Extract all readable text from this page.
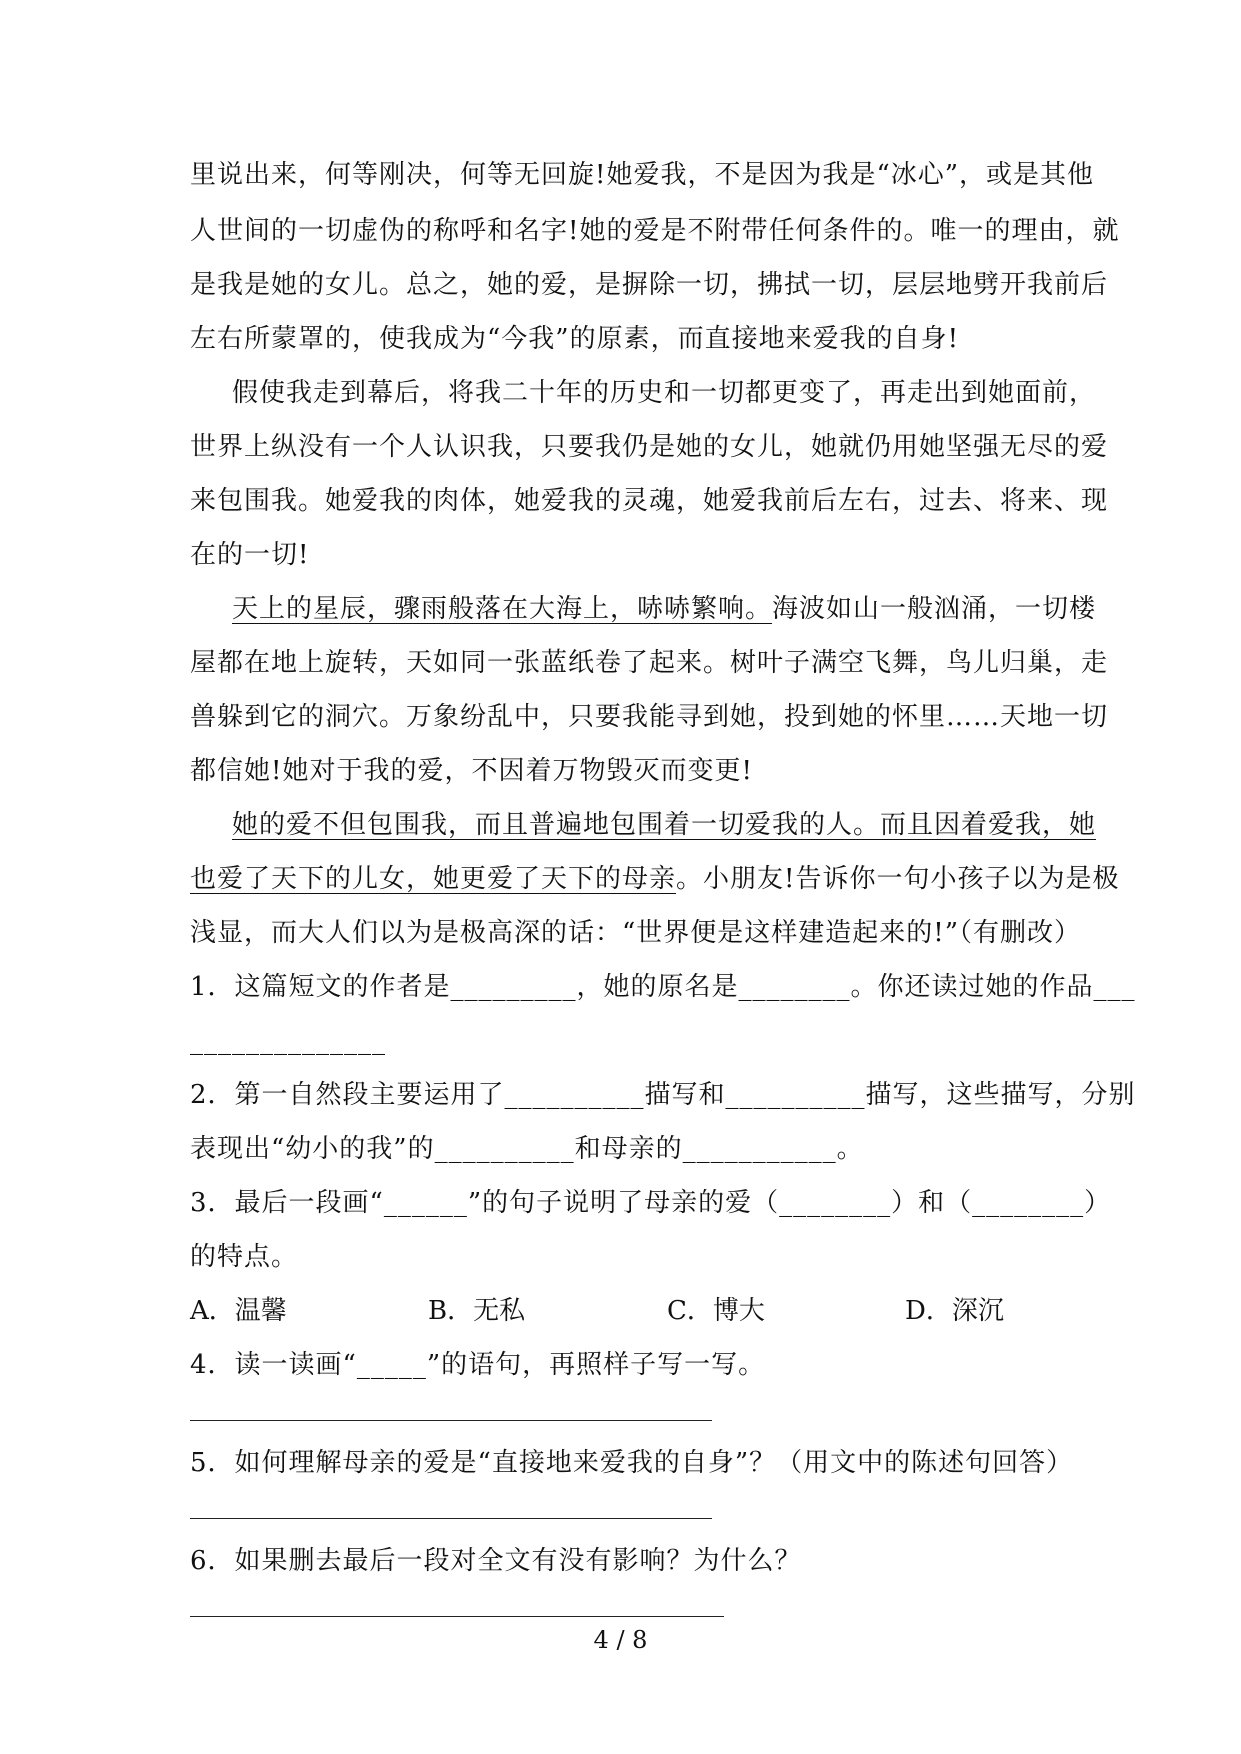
里说出来，何等刚决，何等无回旋!她爱我，不是因为我是“冰心”，或是其他
人世间的一切虚伪的称呼和名字!她的爱是不附带任何条件的。唯一的理由，就
是我是她的女儿。总之，她的爱，是摒除一切，拂拭一切，层层地劈开我前后
左右所蒙罩的，使我成为“今我”的原素，而直接地来爱我的自身!
假使我走到幕后，将我二十年的历史和一切都更变了，再走出到她面前，
世界上纵没有一个人认识我，只要我仍是她的女儿，她就仍用她坚强无尽的爱
来包围我。她爱我的肉体，她爱我的灵魂，她爱我前后左右，过去、将来、现
在的一切!
天上的星辰，骤雨般落在大海上，哧哧繁响。海波如山一般汹涌，一切楼
屋都在地上旋转，天如同一张蓝纸卷了起来。树叶子满空飞舞，鸟儿归巢，走
兽躲到它的洞穴。万象纷乱中，只要我能寻到她，投到她的怀里……天地一切
都信她!她对于我的爱，不因着万物毁灭而变更!
她的爱不但包围我，而且普遍地包围着一切爱我的人。而且因着爱我，她
也爱了天下的儿女，她更爱了天下的母亲。小朋友!告诉你一句小孩子以为是极
浅显，而大人们以为是极高深的话：“世界便是这样建造起来的!”（有删改）
1．这篇短文的作者是_________，她的原名是________。你还读过她的作品___
______________
2．第一自然段主要运用了__________描写和__________描写，这些描写，分别
表现出“幼小的我”的__________和母亲的___________。
3．最后一段画“______”的句子说明了母亲的爱（________）和（________）
的特点。
A．温馨	B．无私	C．博大	D．深沉
4．读一读画“_____”的语句，再照样子写一写。
5．如何理解母亲的爱是“直接地来爱我的自身”？（用文中的陈述句回答）
6．如果删去最后一段对全文有没有影响？为什么？
4 / 8
